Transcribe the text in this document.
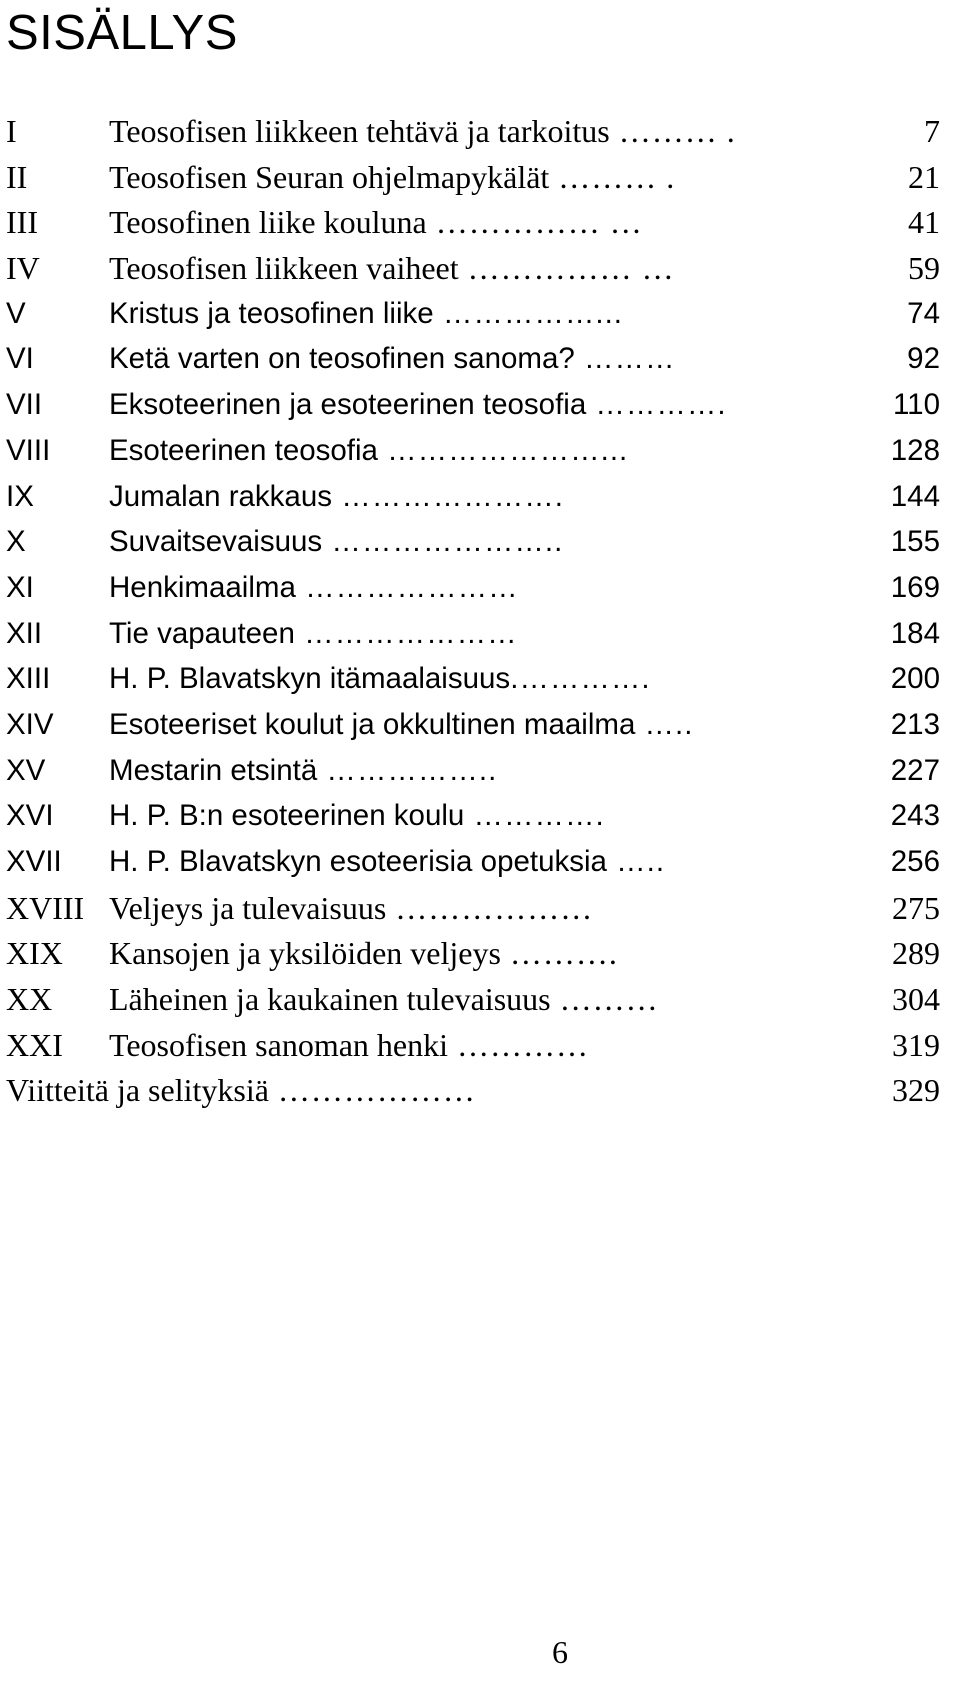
SISÄLLYS
I	Teosofisen liikkeen tehtävä ja tarkoitus ……… .	7
II	Teosofisen Seuran ohjelmapykälät ……… .	21
III Teosofinen liike kouluna …………… …	41
IV Teosofisen liikkeen vaiheet …………… …	59
V	Kristus ja teosofinen liike ……………...	74
VI	Ketä varten on teosofinen sanoma? ………	92
VII Eksoteerinen ja esoteerinen teosofia ………….	110
VIII Esoteerinen teosofia …………………...	128
IX	Jumalan rakkaus ………………….	144
X	Suvaitsevaisuus …………………..	155
XI	Henkimaailma …………………	169
XII Tie vapauteen …………………	184
XIII H. P. Blavatskyn itämaalaisuus.………….	200
XIV Esoteeriset koulut ja okkultinen maailma …..	213
XV Mestarin etsintä ……………..	227
XVI H. P. B:n esoteerinen koulu ………….	243
XVII H. P. Blavatskyn esoteerisia opetuksia …..	256
XVIII Veljeys ja tulevaisuus ………………	275
XIX Kansojen ja yksilöiden veljeys ……….	289
XX Läheinen ja kaukainen tulevaisuus ………	304
XXI Teosofisen sanoman henki …………	319
Viitteitä ja selityksiä ………………	329
6
